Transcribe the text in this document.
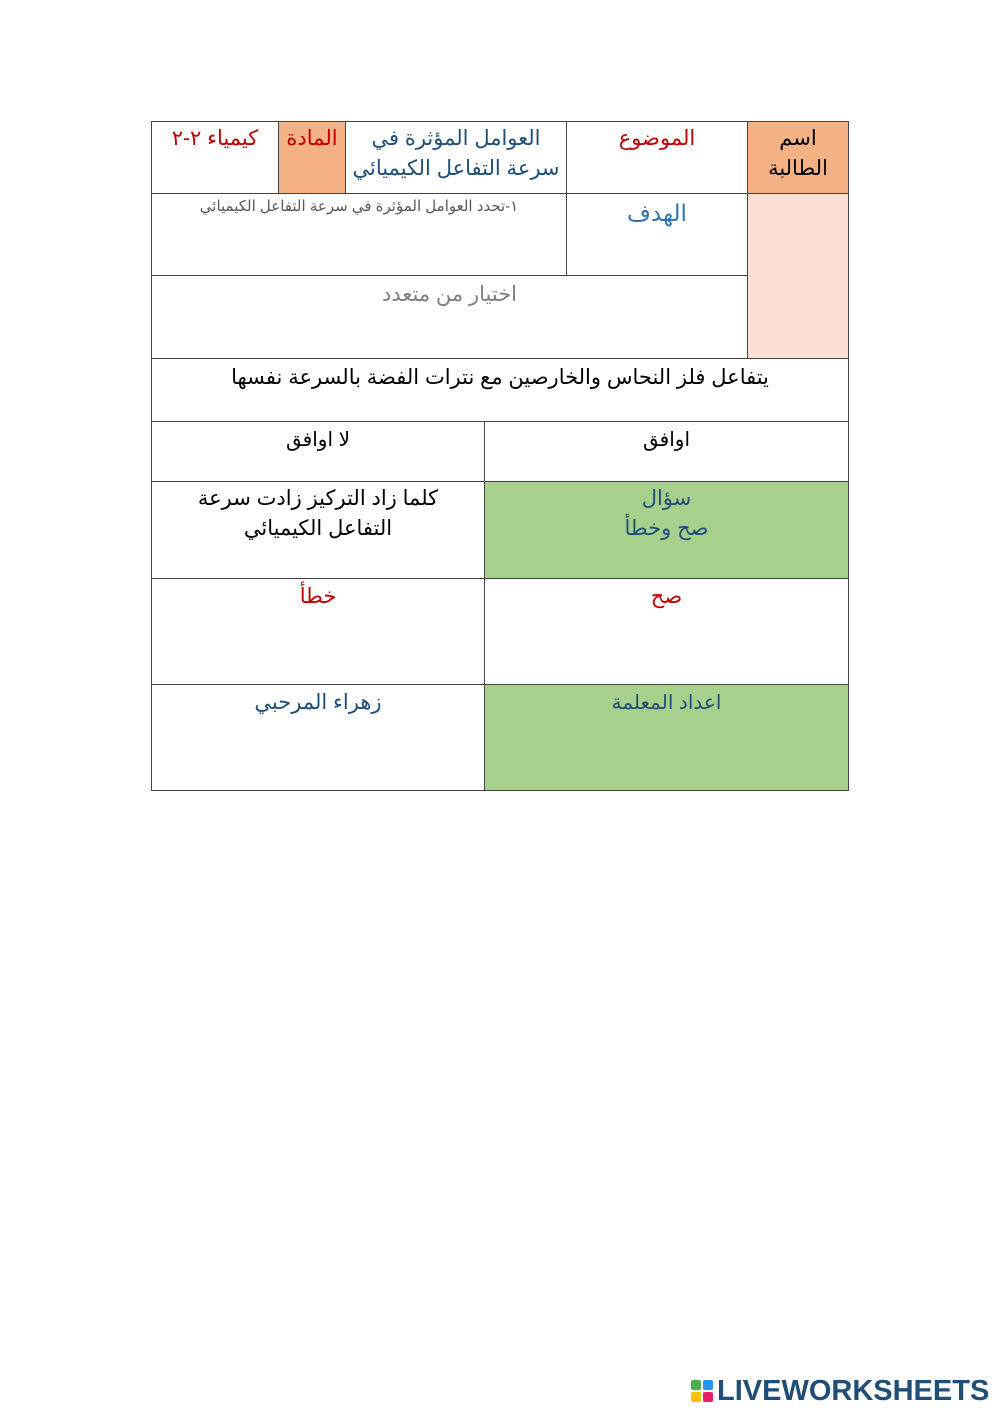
اسم
الطالبة
الموضوع
العوامل المؤثرة في
سرعة التفاعل الكيميائي
المادة
كيمياء ٢-٢
الهدف
١-تحدد العوامل المؤثرة في سرعة التفاعل الكيميائي
اختيار من متعدد
يتفاعل فلز النحاس والخارصين مع نترات الفضة بالسرعة نفسها
اوافق
لا اوافق
سؤال
صح وخطأ
كلما زاد التركيز زادت سرعة
التفاعل الكيميائي
صح
خطأ
اعداد المعلمة
زهراء المرحبي
LIVEWORKSHEETS
